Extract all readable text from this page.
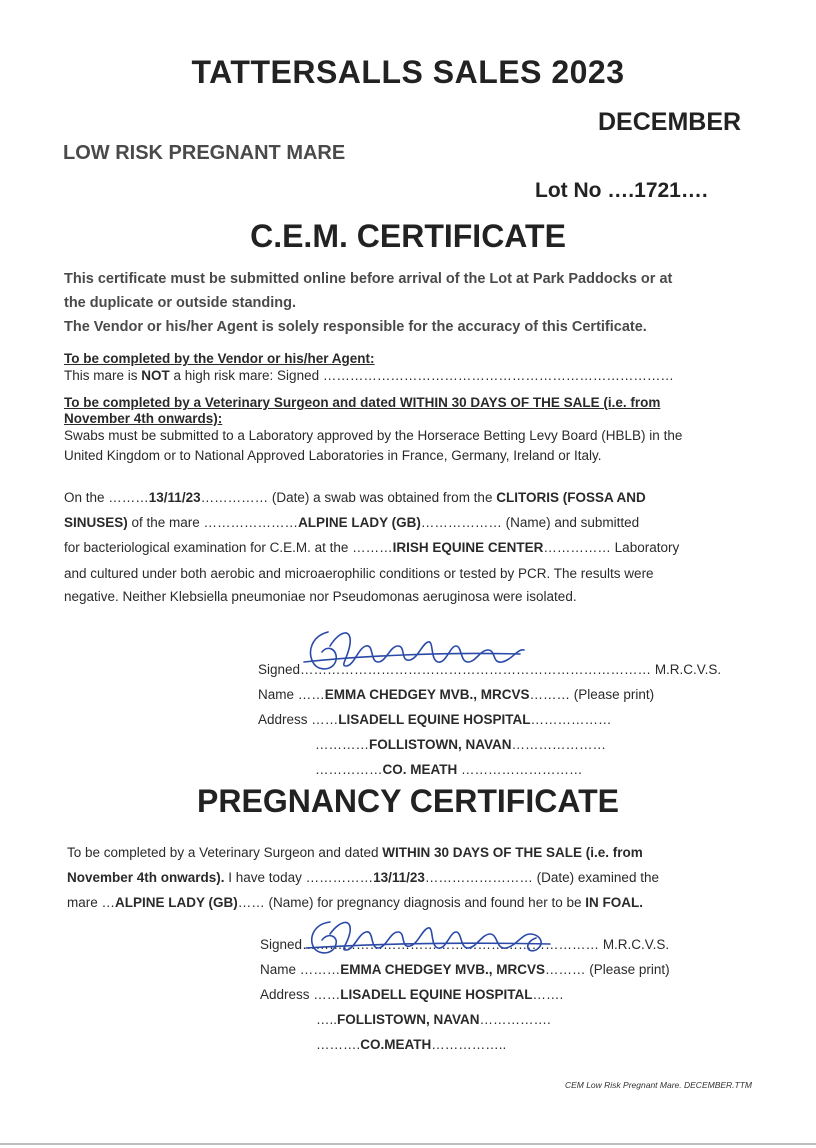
TATTERSALLS SALES 2023
DECEMBER
LOW RISK PREGNANT MARE
Lot No ….1721….
C.E.M. CERTIFICATE
This certificate must be submitted online before arrival of the Lot at Park Paddocks or at
the duplicate or outside standing.
The Vendor or his/her Agent is solely responsible for the accuracy of this Certificate.
To be completed by the Vendor or his/her Agent:
This mare is NOT a high risk mare: Signed ……………………………………………………………………
To be completed by a Veterinary Surgeon and dated WITHIN 30 DAYS OF THE SALE (i.e. from
November 4th onwards):
Swabs must be submitted to a Laboratory approved by the Horserace Betting Levy Board (HBLB) in the
United Kingdom or to National Approved Laboratories in France, Germany, Ireland or Italy.
On the ………13/11/23…………… (Date) a swab was obtained from the CLITORIS (FOSSA AND
SINUSES) of the mare …………………ALPINE LADY (GB)……………… (Name) and submitted
for bacteriological examination for C.E.M. at the ………IRISH EQUINE CENTER…………… Laboratory
and cultured under both aerobic and microaerophilic conditions or tested by PCR. The results were
negative. Neither Klebsiella pneumoniae nor Pseudomonas aeruginosa were isolated.
Signed…………………………………………………………………… M.R.C.V.S.
Name ……EMMA CHEDGEY MVB., MRCVS……… (Please print)
Address ……LISADELL EQUINE HOSPITAL………………
…………FOLLISTOWN, NAVAN…………………
……………CO. MEATH ………………………
PREGNANCY CERTIFICATE
To be completed by a Veterinary Surgeon and dated WITHIN 30 DAYS OF THE SALE (i.e. from
November 4th onwards). I have today ……………13/11/23…………………… (Date) examined the
mare …ALPINE LADY (GB)…… (Name) for pregnancy diagnosis and found her to be IN FOAL.
Signed………………………………………………………… M.R.C.V.S.
Name ………EMMA CHEDGEY MVB., MRCVS……… (Please print)
Address ……LISADELL EQUINE HOSPITAL…….
…..FOLLISTOWN, NAVAN…………….
……….CO.MEATH……………..
CEM Low Risk Pregnant Mare. DECEMBER.TTM
